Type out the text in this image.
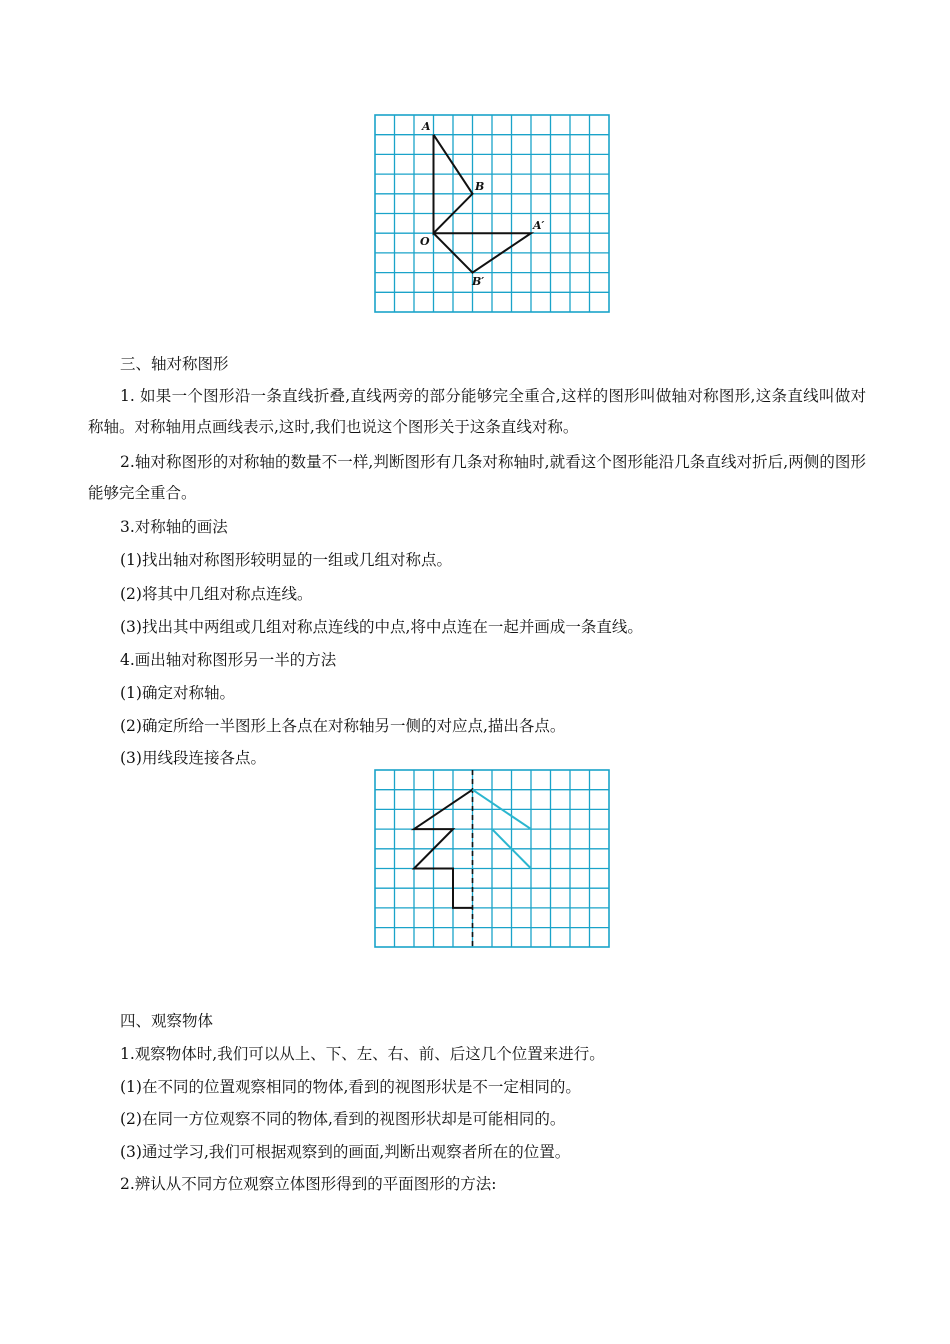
A
B
O
A′
B′
三、轴对称图形
1. 如果一个图形沿一条直线折叠,直线两旁的部分能够完全重合,这样的图形叫做轴对称图形,这条直线叫做对称轴。对称轴用点画线表示,这时,我们也说这个图形关于这条直线对称。
2.轴对称图形的对称轴的数量不一样,判断图形有几条对称轴时,就看这个图形能沿几条直线对折后,两侧的图形能够完全重合。
3.对称轴的画法
(1)找出轴对称图形较明显的一组或几组对称点。
(2)将其中几组对称点连线。
(3)找出其中两组或几组对称点连线的中点,将中点连在一起并画成一条直线。
4.画出轴对称图形另一半的方法
(1)确定对称轴。
(2)确定所给一半图形上各点在对称轴另一侧的对应点,描出各点。
(3)用线段连接各点。
四、观察物体
1.观察物体时,我们可以从上、下、左、右、前、后这几个位置来进行。
(1)在不同的位置观察相同的物体,看到的视图形状是不一定相同的。
(2)在同一方位观察不同的物体,看到的视图形状却是可能相同的。
(3)通过学习,我们可根据观察到的画面,判断出观察者所在的位置。
2.辨认从不同方位观察立体图形得到的平面图形的方法:
